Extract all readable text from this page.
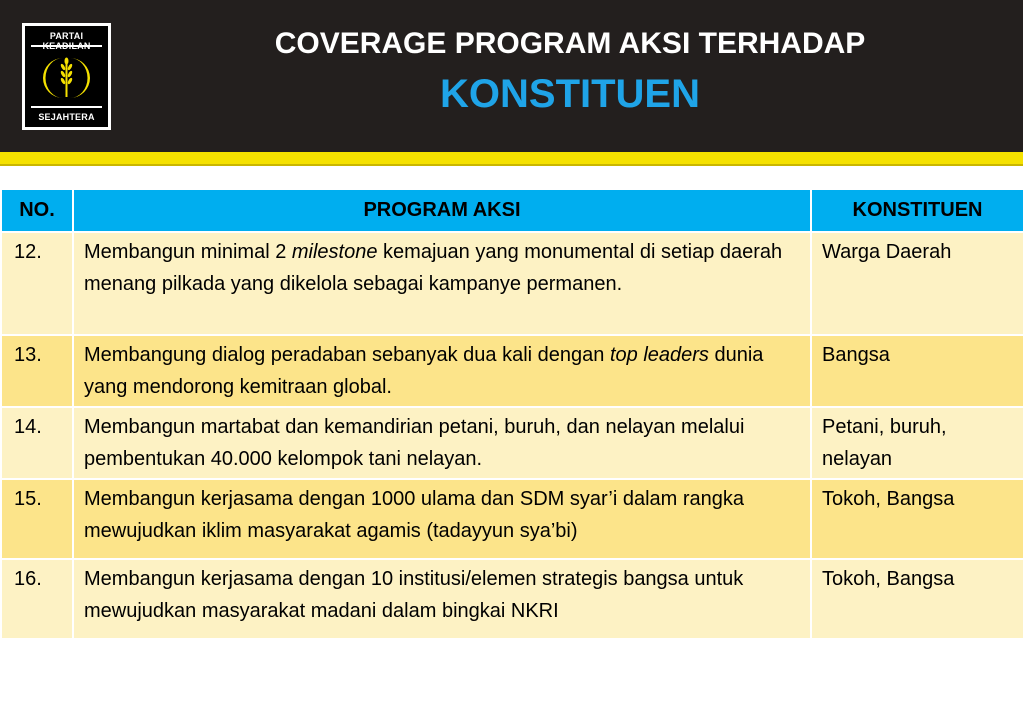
PARTAI
SEJAHTERA
COVERAGE PROGRAM AKSI TERHADAP
KONSTITUEN
NO.	PROGRAM AKSI	KONSTITUEN
12.	Membangun minimal 2 milestone kemajuan yang monumental di setiap daerah menang pilkada yang dikelola sebagai kampanye permanen.	Warga Daerah
13.	Membangung dialog peradaban sebanyak dua kali dengan top leaders dunia yang mendorong kemitraan global.	Bangsa
14.	Membangun martabat dan kemandirian petani, buruh, dan nelayan melalui pembentukan 40.000 kelompok tani nelayan.	Petani, buruh, nelayan
15.	Membangun kerjasama dengan 1000 ulama dan SDM syar’i dalam rangka mewujudkan iklim masyarakat agamis (tadayyun sya’bi)	Tokoh, Bangsa
16.	Membangun kerjasama dengan 10 institusi/elemen strategis bangsa untuk mewujudkan masyarakat madani dalam bingkai NKRI	Tokoh, Bangsa
